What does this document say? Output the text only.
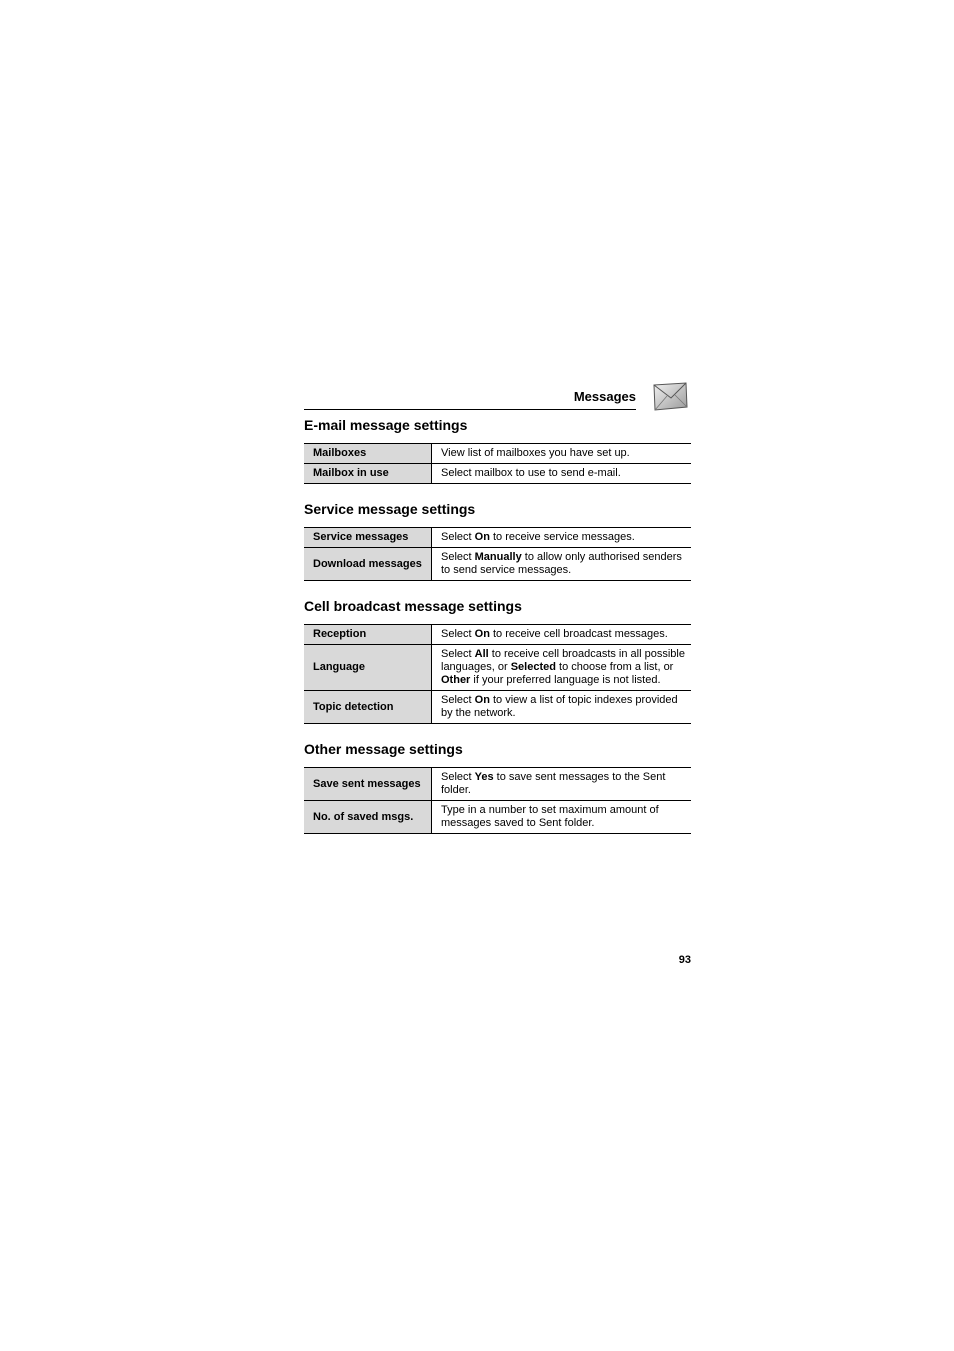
Messages
E-mail message settings
Mailboxes	View list of mailboxes you have set up.
Mailbox in use	Select mailbox to use to send e-mail.
Service message settings
Service messages	Select On to receive service messages.
Download messages	Select Manually to allow only authorised senders to send service messages.
Cell broadcast message settings
Reception	Select On to receive cell broadcast messages.
Language	Select All to receive cell broadcasts in all possible languages, or Selected to choose from a list, or Other if your preferred language is not listed.
Topic detection	Select On to view a list of topic indexes provided by the network.
Other message settings
Save sent messages	Select Yes to save sent messages to the Sent folder.
No. of saved msgs.	Type in a number to set maximum amount of messages saved to Sent folder.
93
